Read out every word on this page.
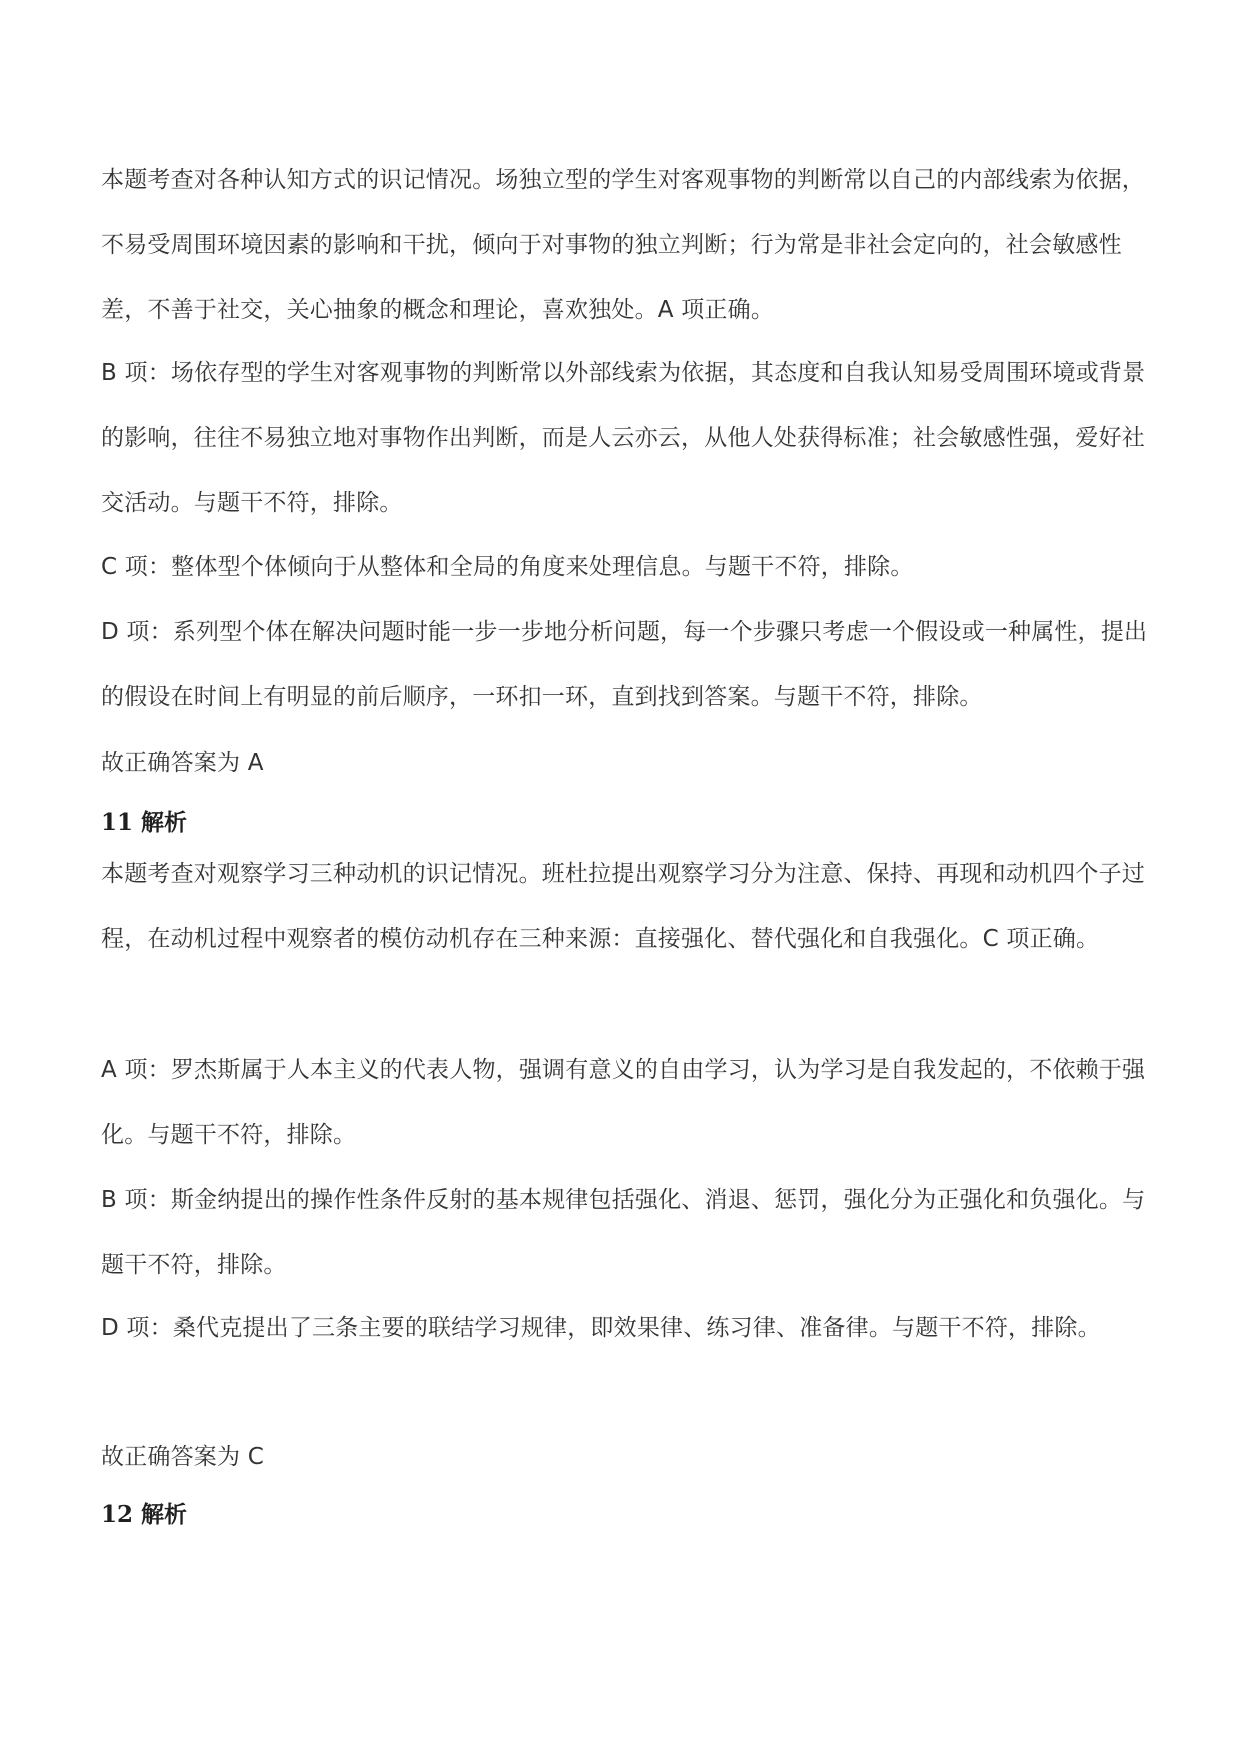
本题考查对各种认知方式的识记情况。场独立型的学生对客观事物的判断常以自己的内部线索为依据，不易受周围环境因素的影响和干扰，倾向于对事物的独立判断；行为常是非社会定向的，社会敏感性差，不善于社交，关心抽象的概念和理论，喜欢独处。A 项正确。

B 项：场依存型的学生对客观事物的判断常以外部线索为依据，其态度和自我认知易受周围环境或背景的影响，往往不易独立地对事物作出判断，而是人云亦云，从他人处获得标准；社会敏感性强，爱好社交活动。与题干不符，排除。

C 项：整体型个体倾向于从整体和全局的角度来处理信息。与题干不符，排除。

D 项：系列型个体在解决问题时能一步一步地分析问题，每一个步骤只考虑一个假设或一种属性，提出的假设在时间上有明显的前后顺序，一环扣一环，直到找到答案。与题干不符，排除。

故正确答案为 A

11 解析

本题考查对观察学习三种动机的识记情况。班杜拉提出观察学习分为注意、保持、再现和动机四个子过程，在动机过程中观察者的模仿动机存在三种来源：直接强化、替代强化和自我强化。C 项正确。

A 项：罗杰斯属于人本主义的代表人物，强调有意义的自由学习，认为学习是自我发起的，不依赖于强化。与题干不符，排除。

B 项：斯金纳提出的操作性条件反射的基本规律包括强化、消退、惩罚，强化分为正强化和负强化。与题干不符，排除。

D 项：桑代克提出了三条主要的联结学习规律，即效果律、练习律、准备律。与题干不符，排除。

故正确答案为 C

12 解析
